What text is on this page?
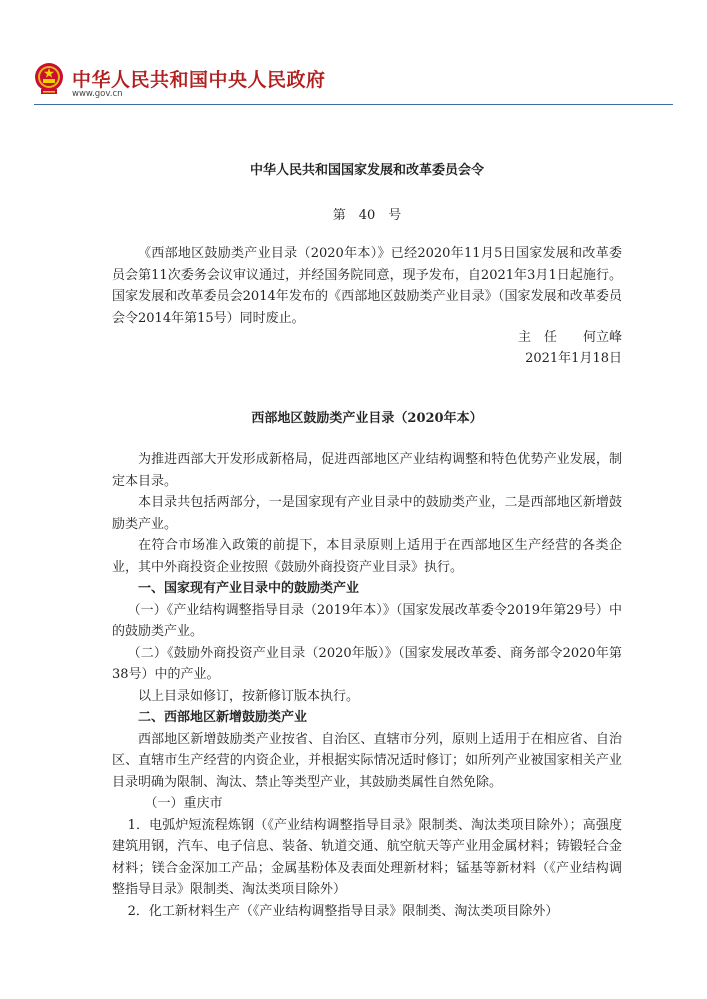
中华人民共和国中央人民政府
www.gov.cn
中华人民共和国国家发展和改革委员会令
第　40　号

《西部地区鼓励类产业目录（2020年本）》已经2020年11月5日国家发展和改革委员会第11次委务会议审议通过，并经国务院同意，现予发布，自2021年3月1日起施行。国家发展和改革委员会2014年发布的《西部地区鼓励类产业目录》（国家发展和改革委员会令2014年第15号）同时废止。

主　任　　何立峰

2021年1月18日

西部地区鼓励类产业目录（2020年本）

为推进西部大开发形成新格局，促进西部地区产业结构调整和特色优势产业发展，制定本目录。

本目录共包括两部分，一是国家现有产业目录中的鼓励类产业，二是西部地区新增鼓励类产业。

在符合市场准入政策的前提下，本目录原则上适用于在西部地区生产经营的各类企业，其中外商投资企业按照《鼓励外商投资产业目录》执行。

一、国家现有产业目录中的鼓励类产业

（一）《产业结构调整指导目录（2019年本）》（国家发展改革委令2019年第29号）中的鼓励类产业。

（二）《鼓励外商投资产业目录（2020年版）》（国家发展改革委、商务部令2020年第38号）中的产业。

以上目录如修订，按新修订版本执行。

二、西部地区新增鼓励类产业

西部地区新增鼓励类产业按省、自治区、直辖市分列，原则上适用于在相应省、自治区、直辖市生产经营的内资企业，并根据实际情况适时修订；如所列产业被国家相关产业目录明确为限制、淘汰、禁止等类型产业，其鼓励类属性自然免除。

（一）重庆市

1．电弧炉短流程炼钢（《产业结构调整指导目录》限制类、淘汰类项目除外）；高强度建筑用钢，汽车、电子信息、装备、轨道交通、航空航天等产业用金属材料；铸锻轻合金材料；镁合金深加工产品；金属基粉体及表面处理新材料；锰基等新材料（《产业结构调整指导目录》限制类、淘汰类项目除外）

2．化工新材料生产（《产业结构调整指导目录》限制类、淘汰类项目除外）
